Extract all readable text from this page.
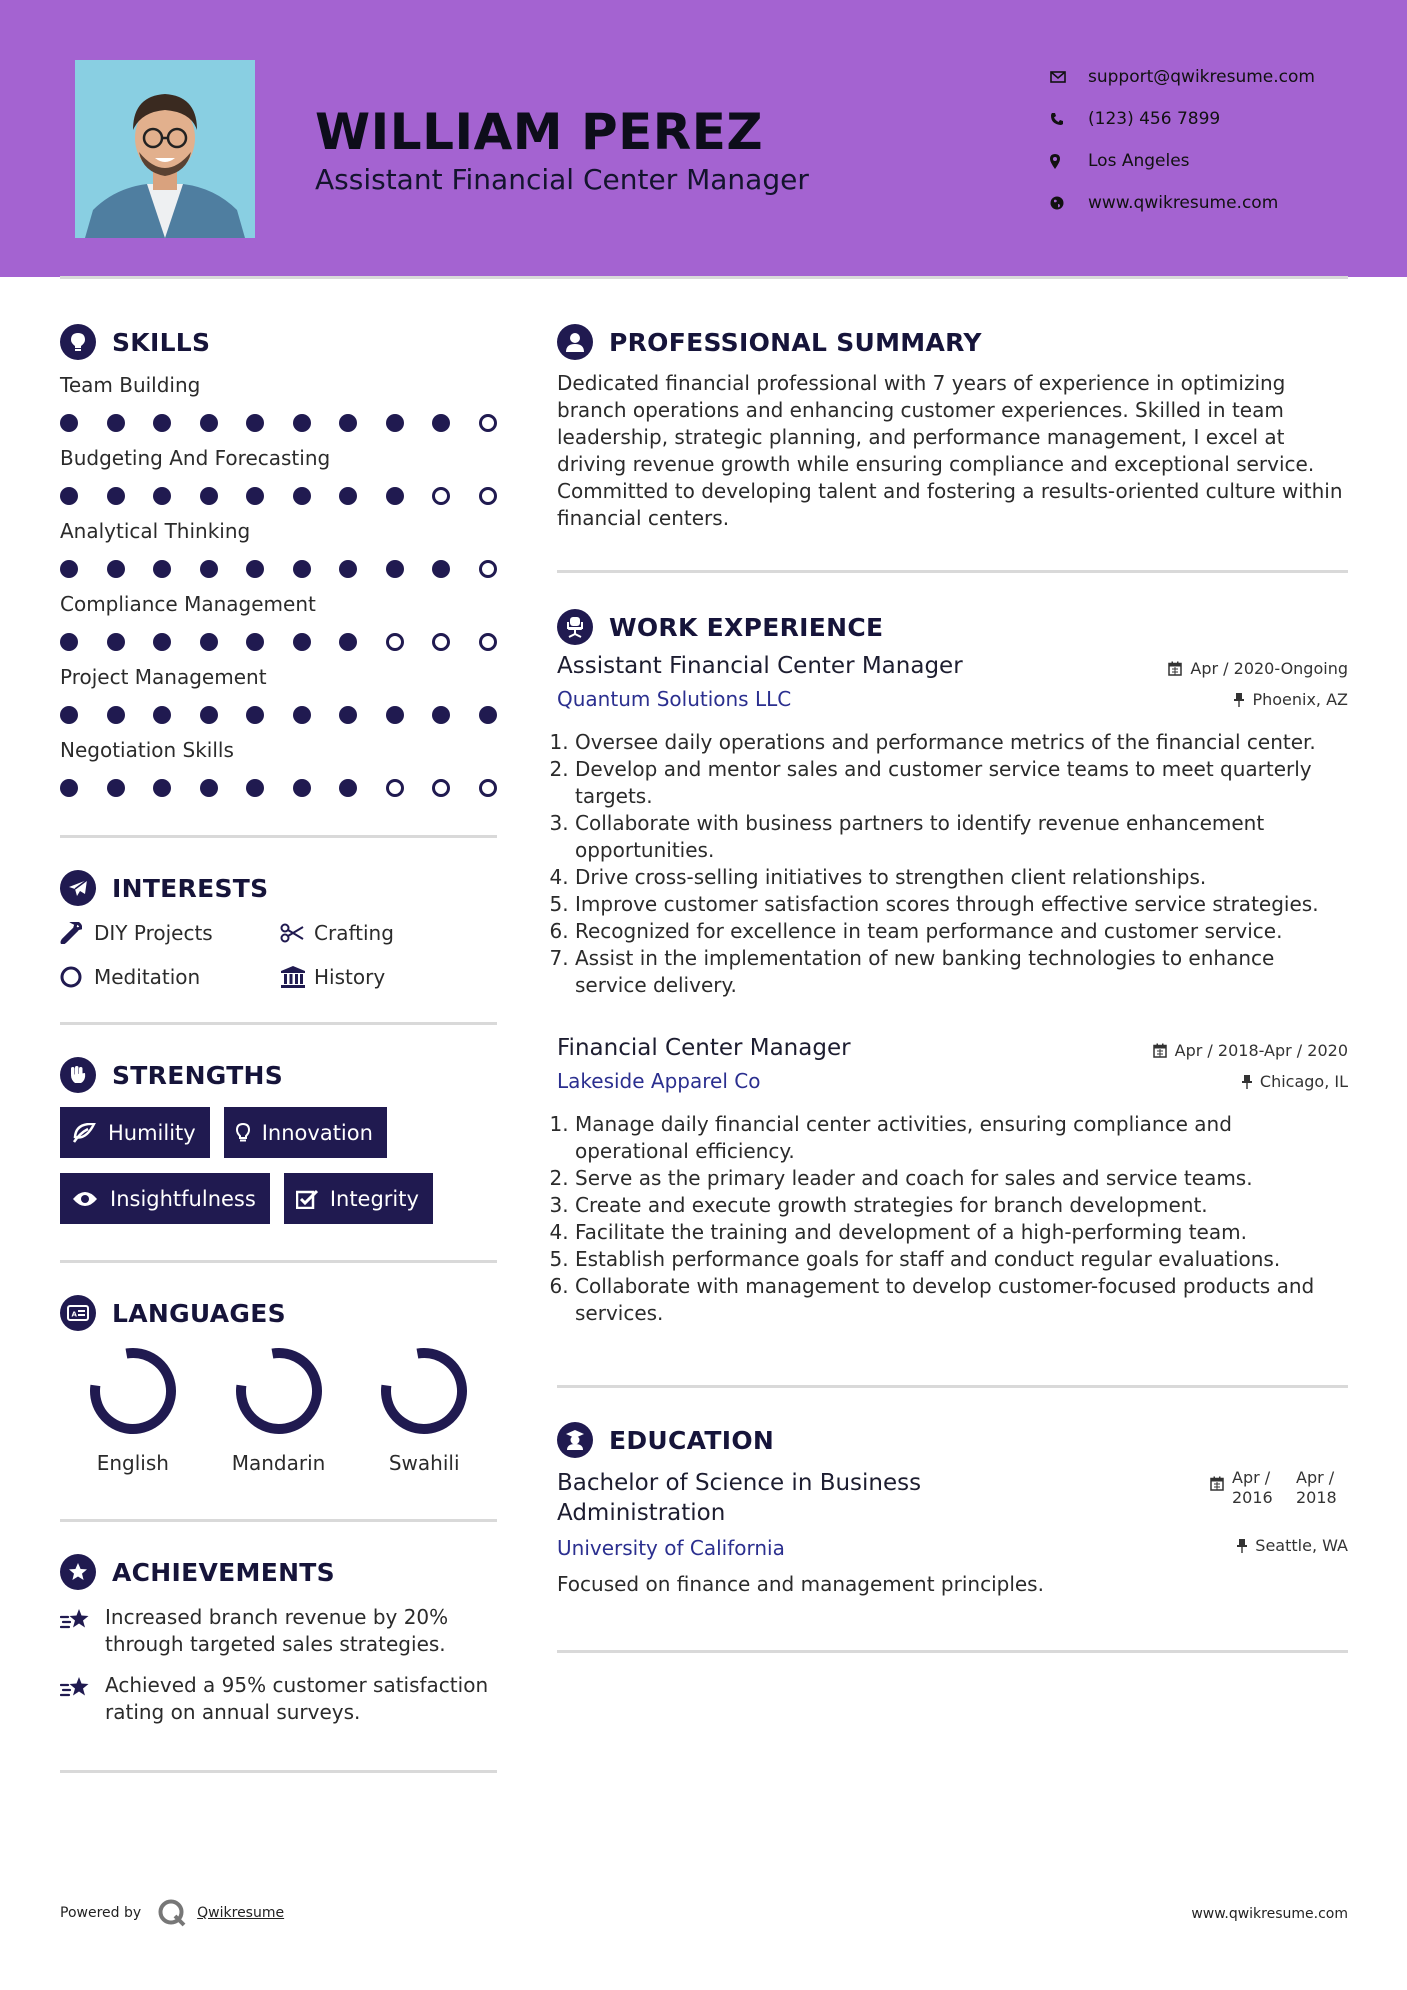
WILLIAM PEREZ
Assistant Financial Center Manager
support@qwikresume.com
(123) 456 7899
Los Angeles
www.qwikresume.com
SKILLS
Team Building
Budgeting And Forecasting
Analytical Thinking
Compliance Management
Project Management
Negotiation Skills
INTERESTS
DIY Projects	Crafting
Meditation	History
STRENGTHS
Humility	Innovation
Insightfulness	Integrity
A LANGUAGES
English	Mandarin	Swahili
ACHIEVEMENTS
Increased branch revenue by 20% through targeted sales strategies.
Achieved a 95% customer satisfaction rating on annual surveys.
PROFESSIONAL SUMMARY
Dedicated financial professional with 7 years of experience in optimizing branch operations and enhancing customer experiences. Skilled in team leadership, strategic planning, and performance management, I excel at driving revenue growth while ensuring compliance and exceptional service. Committed to developing talent and fostering a results-oriented culture within financial centers.
WORK EXPERIENCE
Assistant Financial Center Manager	Apr / 2020-Ongoing
Quantum Solutions LLC	Phoenix, AZ
1. Oversee daily operations and performance metrics of the financial center.
2. Develop and mentor sales and customer service teams to meet quarterly targets.
3. Collaborate with business partners to identify revenue enhancement opportunities.
4. Drive cross-selling initiatives to strengthen client relationships.
5. Improve customer satisfaction scores through effective service strategies.
6. Recognized for excellence in team performance and customer service.
7. Assist in the implementation of new banking technologies to enhance service delivery.
Financial Center Manager	Apr / 2018-Apr / 2020
Lakeside Apparel Co	Chicago, IL
1. Manage daily financial center activities, ensuring compliance and operational efficiency.
2. Serve as the primary leader and coach for sales and service teams.
3. Create and execute growth strategies for branch development.
4. Facilitate the training and development of a high-performing team.
5. Establish performance goals for staff and conduct regular evaluations.
6. Collaborate with management to develop customer-focused products and services.
EDUCATION
Bachelor of Science in Business Administration
Apr / 2016
Apr / 2018
University of California	Seattle, WA
Focused on finance and management principles.
Powered by	Qwikresume	www.qwikresume.com
